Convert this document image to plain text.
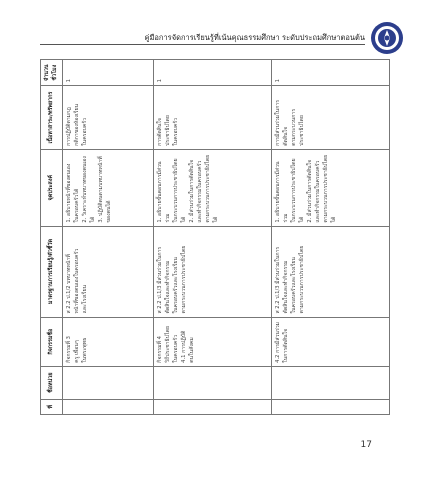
คู่มือการจัดการเรียนรู้ที่เน้นคุณธรรมศึกษา ระดับประถมศึกษาตอนต้น
ที่	ชื่อหน่วย	กิจกรรมชื่อ	มาตรฐานการเรียนรู้/ตัวชี้วัด	จุดประสงค์	เนื้อหาสาระ/ทรัพยากร	จำนวนชั่วโมง

		กิจกรรมที่ 3 ครู เพื่อนๆ ในพระพุทธ	ส 2.2 ป.1/2 บทบาทหน้าที่ หน้าที่ของตนเองในครอบครัว และโรงเรียน	1. อธิบายหน้าที่ของตนเอง ในครอบครัวได้ 2. วิเคราะห์บทบาทของตนเองได้ 3. ปฏิบัติตนตามบทบาทหน้าที่ ของตนได้	การปฏิบัติตามกฎ กติกาของห้องเรียน ในครอบครัว	1

		กิจกรรมที่ 4 วิถีประชาธิปไตย ในครอบครัว 4.1 การปฏิบัติ ตนในสังคม	ส 2.2 ป.1/3 มีส่วนร่วมในการ ตัดสินใจและทำกิจกรรม ในครอบครัวและโรงเรียน ตามกระบวนการประชาธิปไตย	1. อธิบายขั้นตอนการมีส่วนร่วม ในกระบวนการประชาธิปไตยได้ 2. มีส่วนร่วมในการตัดสินใจ และทำกิจกรรมในครอบครัว ตามกระบวนการประชาธิปไตยได้	การตัดสินใจ ประชาธิปไตย ในครอบครัว	1

		4.2 การมีส่วนร่วม ในการตัดสินใจ	ส 2.2 ป.1/3 มีส่วนร่วมในการ ตัดสินใจและทำกิจกรรม ในครอบครัวและโรงเรียน ตามกระบวนการประชาธิปไตย	1. อธิบายขั้นตอนการมีส่วนร่วม ในกระบวนการประชาธิปไตยได้ 2. มีส่วนร่วมในการตัดสินใจ และทำกิจกรรมในครอบครัว ตามกระบวนการประชาธิปไตยได้	การมีส่วนร่วมในการ ตัดสินใจ ตามกระบวนการ ประชาธิปไตย	1
17
